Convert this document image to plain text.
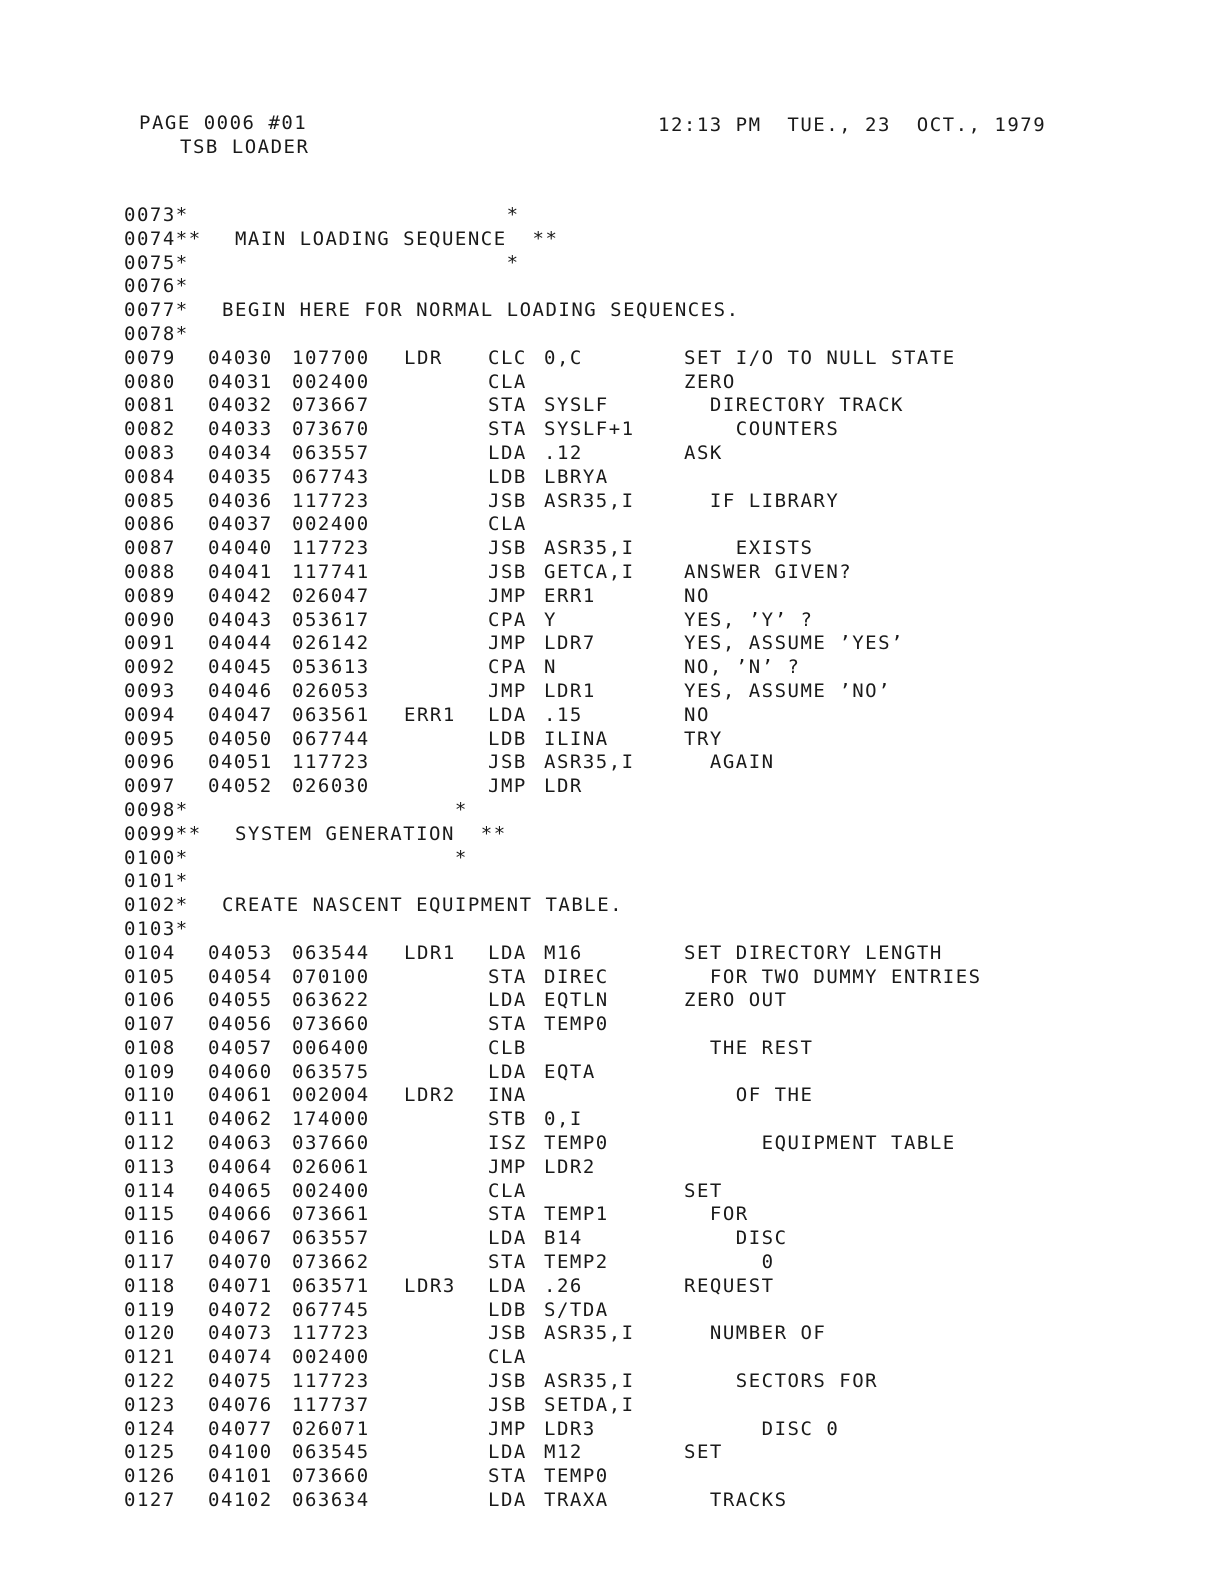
PAGE 0006 #01
TSB LOADER
12:13 PM  TUE., 23  OCT., 1979
0073* *
0074** MAIN LOADING SEQUENCE  **
0075* *
0076*
0077* BEGIN HERE FOR NORMAL LOADING SEQUENCES.
0078*
0079 04030 107700 LDR CLC 0,C	SET I/O TO NULL STATE
0080 04031 002400	CLA	ZERO
0081 04032 073667	STA SYSLF	DIRECTORY TRACK
0082 04033 073670	STA SYSLF+1	COUNTERS
0083 04034 063557	LDA .12	ASK
0084 04035 067743	LDB LBRYA
0085 04036 117723	JSB ASR35,I	IF LIBRARY
0086 04037 002400	CLA
0087 04040 117723	JSB ASR35,I	EXISTS
0088 04041 117741	JSB GETCA,I	ANSWER GIVEN?
0089 04042 026047	JMP ERR1	NO
0090 04043 053617	CPA Y	YES, ’Y’ ?
0091 04044 026142	JMP LDR7	YES, ASSUME ’YES’
0092 04045 053613	CPA N	NO, ’N’ ?
0093 04046 026053	JMP LDR1	YES, ASSUME ’NO’
0094 04047 063561 ERR1 LDA .15	NO
0095 04050 067744	LDB ILINA	TRY
0096 04051 117723	JSB ASR35,I	AGAIN
0097 04052 026030	JMP LDR
0098* *
0099** SYSTEM GENERATION  **
0100* *
0101*
0102* CREATE NASCENT EQUIPMENT TABLE.
0103*
0104 04053 063544 LDR1 LDA M16	SET DIRECTORY LENGTH
0105 04054 070100	STA DIREC	FOR TWO DUMMY ENTRIES
0106 04055 063622	LDA EQTLN	ZERO OUT
0107 04056 073660	STA TEMP0
0108 04057 006400	CLB	THE REST
0109 04060 063575	LDA EQTA
0110 04061 002004 LDR2 INA	OF THE
0111 04062 174000	STB 0,I
0112 04063 037660	ISZ TEMP0	EQUIPMENT TABLE
0113 04064 026061	JMP LDR2
0114 04065 002400	CLA	SET
0115 04066 073661	STA TEMP1	FOR
0116 04067 063557	LDA B14	DISC
0117 04070 073662	STA TEMP2	0
0118 04071 063571 LDR3 LDA .26	REQUEST
0119 04072 067745	LDB S/TDA
0120 04073 117723	JSB ASR35,I	NUMBER OF
0121 04074 002400	CLA
0122 04075 117723	JSB ASR35,I	SECTORS FOR
0123 04076 117737	JSB SETDA,I
0124 04077 026071	JMP LDR3	DISC 0
0125 04100 063545	LDA M12	SET
0126 04101 073660	STA TEMP0
0127 04102 063634	LDA TRAXA	TRACKS
